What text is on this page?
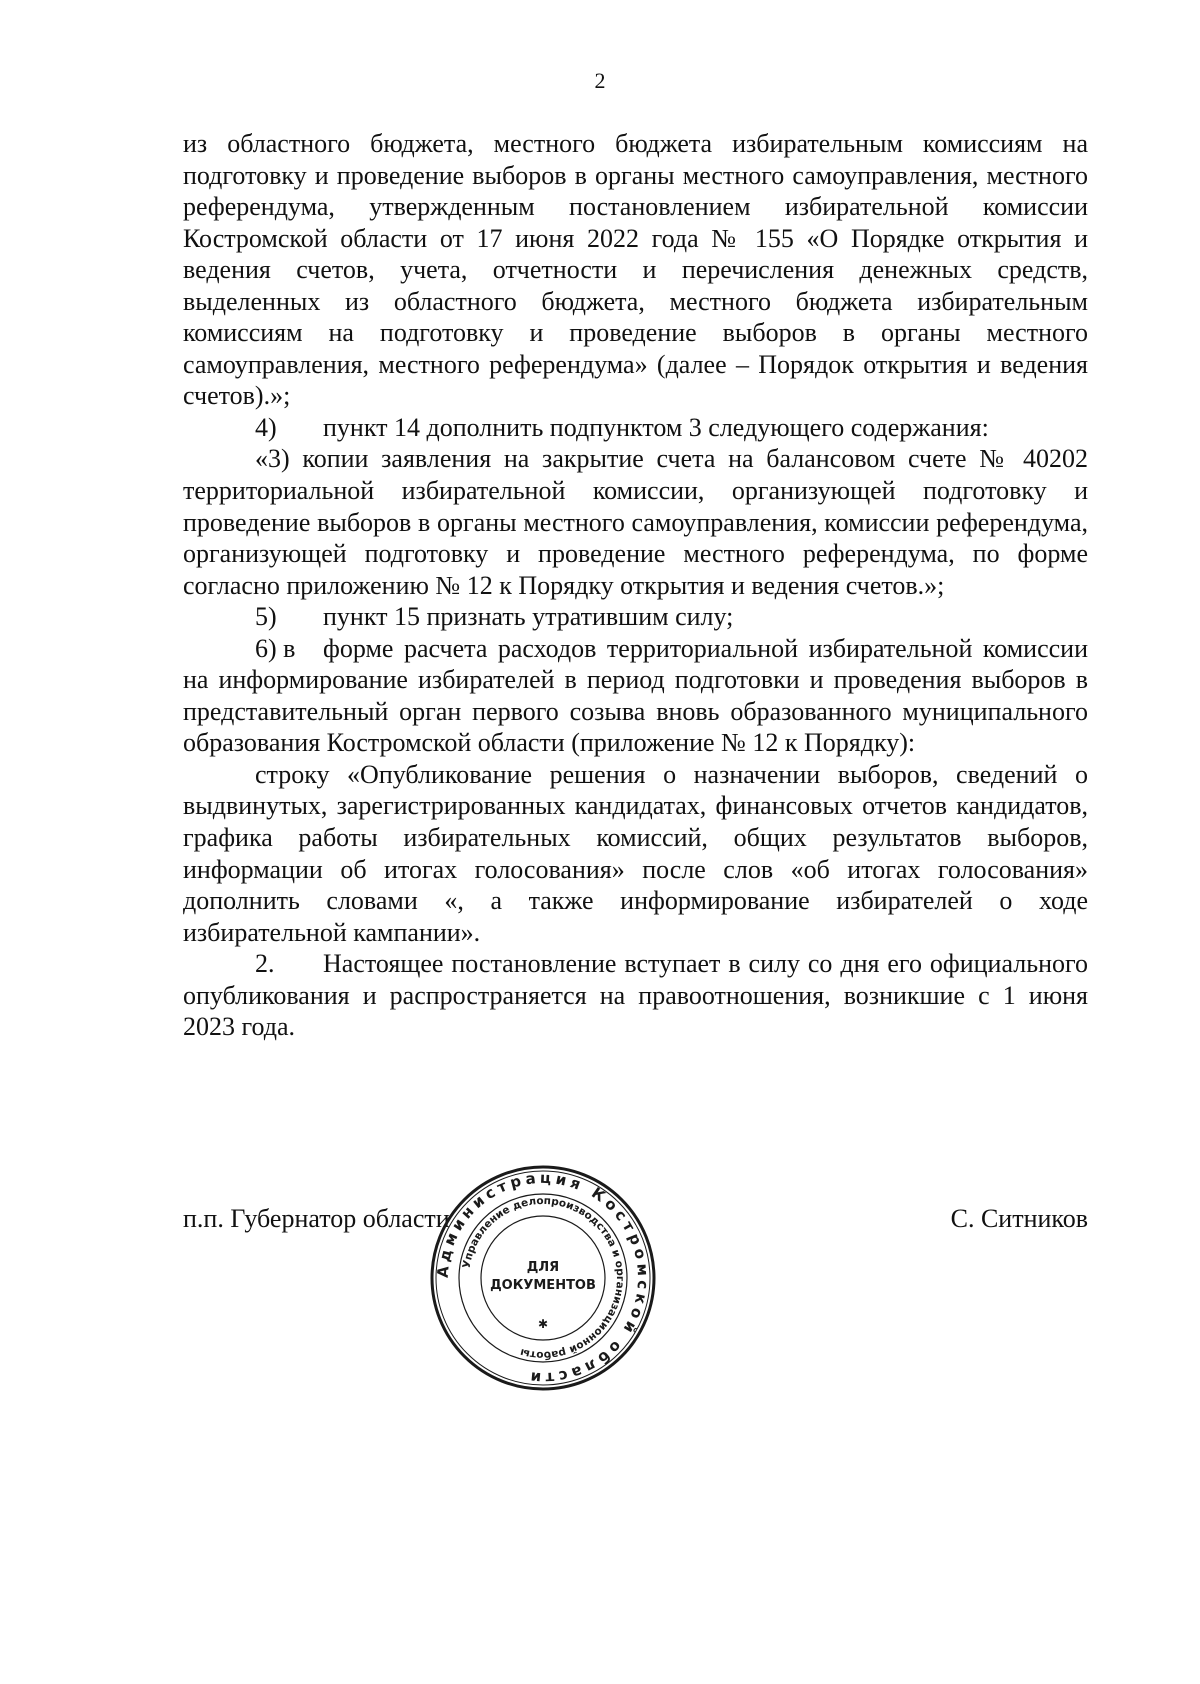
2

из областного бюджета, местного бюджета избирательным комиссиям на подготовку и проведение выборов в органы местного самоуправления, местного референдума, утвержденным постановлением избирательной комиссии Костромской области от 17 июня 2022 года № 155 «О Порядке открытия и ведения счетов, учета, отчетности и перечисления денежных средств, выделенных из областного бюджета, местного бюджета избирательным комиссиям на подготовку и проведение выборов в органы местного самоуправления, местного референдума» (далее – Порядок открытия и ведения счетов).»;

4) пункт 14 дополнить подпунктом 3 следующего содержания:

«3) копии заявления на закрытие счета на балансовом счете № 40202 территориальной избирательной комиссии, организующей подготовку и проведение выборов в органы местного самоуправления, комиссии референдума, организующей подготовку и проведение местного референдума, по форме согласно приложению № 12 к Порядку открытия и ведения счетов.»;

5) пункт 15 признать утратившим силу;

6) в форме расчета расходов территориальной избирательной комиссии на информирование избирателей в период подготовки и проведения выборов в представительный орган первого созыва вновь образованного муниципального образования Костромской области (приложение № 12 к Порядку):

строку «Опубликование решения о назначении выборов, сведений о выдвинутых, зарегистрированных кандидатах, финансовых отчетов кандидатов, графика работы избирательных комиссий, общих результатов выборов, информации об итогах голосования» после слов «об итогах голосования» дополнить словами «, а также информирование избирателей о ходе избирательной кампании».

2. Настоящее постановление вступает в силу со дня его официального опубликования и распространяется на правоотношения, возникшие с 1 июня 2023 года.

п.п. Губернатор области	С. Ситников
Администрация Костромской области
Управление делопроизводства и организационной работы
ДЛЯ
ДОКУМЕНТОВ
✱
